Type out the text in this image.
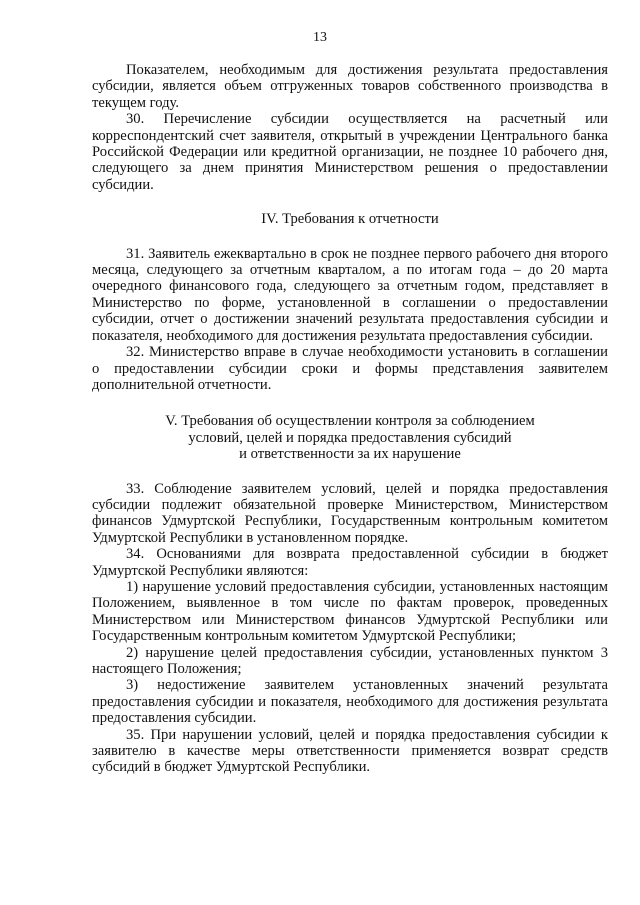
13

Показателем, необходимым для достижения результата предоставления субсидии, является объем отгруженных товаров собственного производства в текущем году.

30. Перечисление субсидии осуществляется на расчетный или корреспондентский счет заявителя, открытый в учреждении Центрального банка Российской Федерации или кредитной организации, не позднее 10 рабочего дня, следующего за днем принятия Министерством решения о предоставлении субсидии.

IV. Требования к отчетности

31. Заявитель ежеквартально в срок не позднее первого рабочего дня второго месяца, следующего за отчетным кварталом, а по итогам года – до 20 марта очередного финансового года, следующего за отчетным годом, представляет в Министерство по форме, установленной в соглашении о предоставлении субсидии, отчет о достижении значений результата предоставления субсидии и показателя, необходимого для достижения результата предоставления субсидии.

32. Министерство вправе в случае необходимости установить в соглашении о предоставлении субсидии сроки и формы представления заявителем дополнительной отчетности.

V. Требования об осуществлении контроля за соблюдением
условий, целей и порядка предоставления субсидий
и ответственности за их нарушение

33. Соблюдение заявителем условий, целей и порядка предоставления субсидии подлежит обязательной проверке Министерством, Министерством финансов Удмуртской Республики, Государственным контрольным комитетом Удмуртской Республики в установленном порядке.

34. Основаниями для возврата предоставленной субсидии в бюджет Удмуртской Республики являются:

1) нарушение условий предоставления субсидии, установленных настоящим Положением, выявленное в том числе по фактам проверок, проведенных Министерством или Министерством финансов Удмуртской Республики или Государственным контрольным комитетом Удмуртской Республики;

2) нарушение целей предоставления субсидии, установленных пунктом 3 настоящего Положения;

3) недостижение заявителем установленных значений результата предоставления субсидии и показателя, необходимого для достижения результата предоставления субсидии.

35. При нарушении условий, целей и порядка предоставления субсидии к заявителю в качестве меры ответственности применяется возврат средств субсидий в бюджет Удмуртской Республики.
